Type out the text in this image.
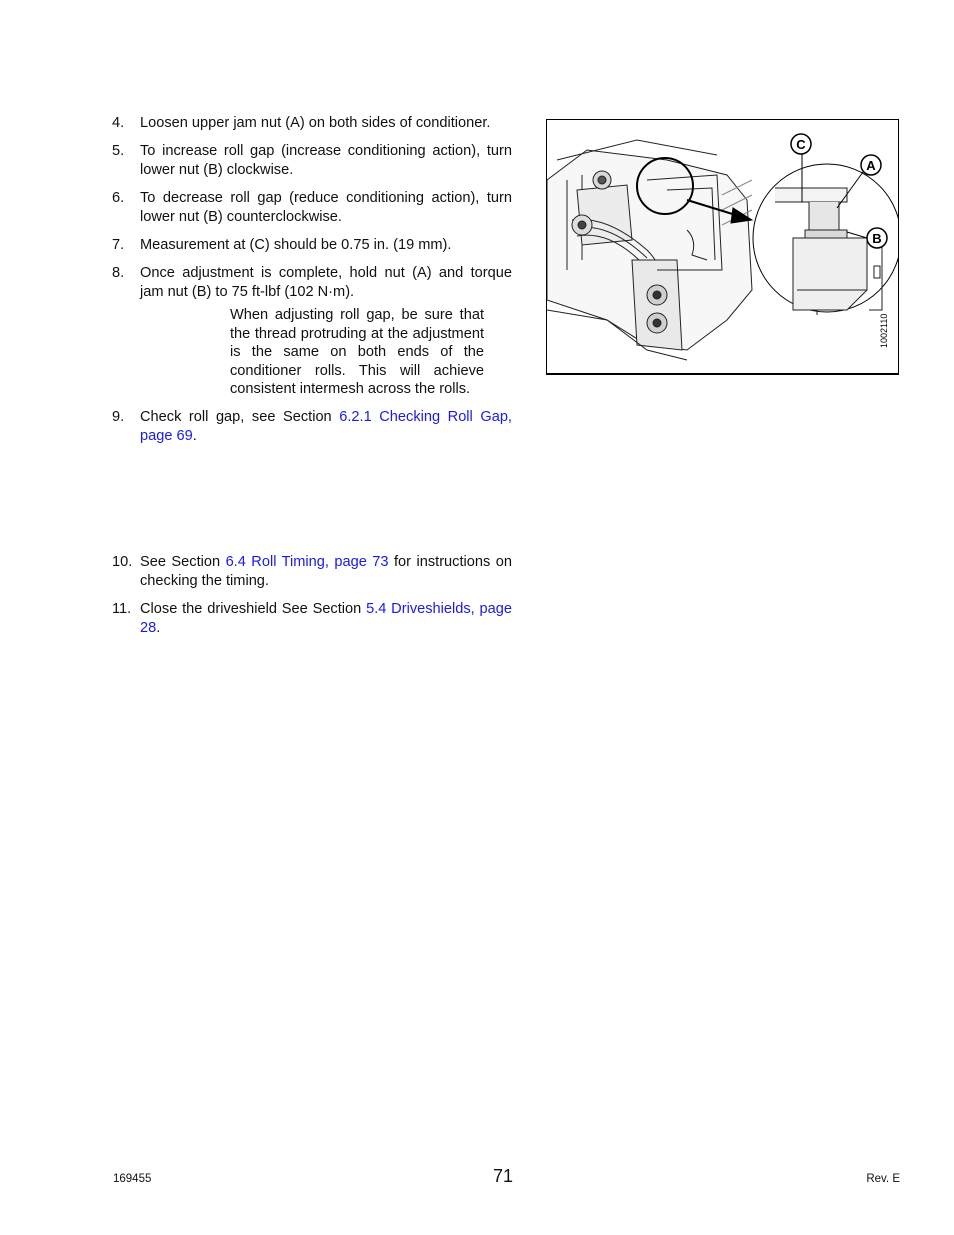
4. Loosen upper jam nut (A) on both sides of conditioner.
5. To increase roll gap (increase conditioning action), turn lower nut (B) clockwise.
6. To decrease roll gap (reduce conditioning action), turn lower nut (B) counterclockwise.
7. Measurement at (C) should be 0.75 in. (19 mm).
8. Once adjustment is complete, hold nut (A) and torque jam nut (B) to 75 ft-lbf (102 N·m).
When adjusting roll gap, be sure that the thread protruding at the adjustment is the same on both ends of the conditioner rolls. This will achieve consistent intermesh across the rolls.
9. Check roll gap, see Section 6.2.1 Checking Roll Gap, page 69.
10. See Section 6.4 Roll Timing, page 73 for instructions on checking the timing.
11. Close the driveshield See Section 5.4 Driveshields, page 28.
C
A
B
1002110
169455	71	Rev. E
